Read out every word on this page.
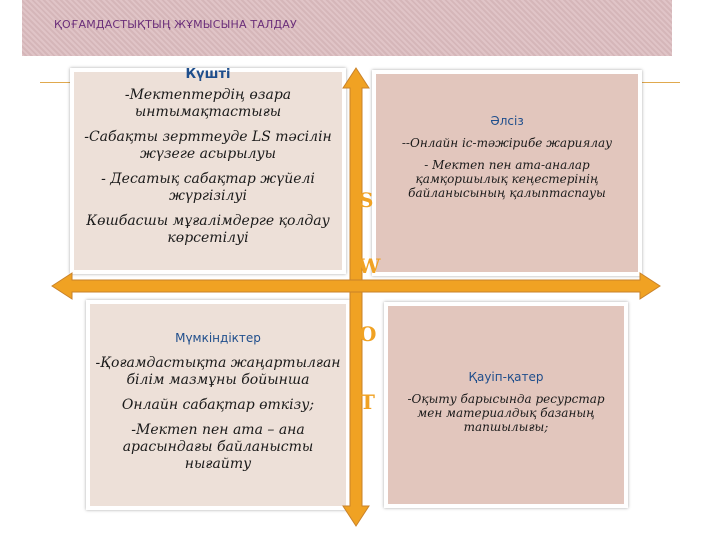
ҚОҒАМДАСТЫҚТЫҢ ЖҰМЫСЫНА ТАЛДАУ

Күшті

-Мектептердің өзара ынтымақтастығы

-Сабақты зерттеуде LS тәсілін жүзеге асырылуы

- Десатық сабақтар жүйелі жүргізілуі

Көшбасшы мұғалімдерге қолдау көрсетілуі

Әлсіз

--Онлайн іс-тәжірибе жариялау

- Мектеп пен ата-аналар қамқоршылық кеңестерінің байланысының қалыптаспауы

Мүмкіндіктер

-Қоғамдастықта жаңартылған білім мазмұны бойынша

Онлайн сабақтар өткізу;

-Мектеп пен ата – ана арасындағы байланысты нығайту

Қауіп-қатер

-Оқыту барысында ресурстар мен материалдық базаның тапшылығы;

S
W
O
T
